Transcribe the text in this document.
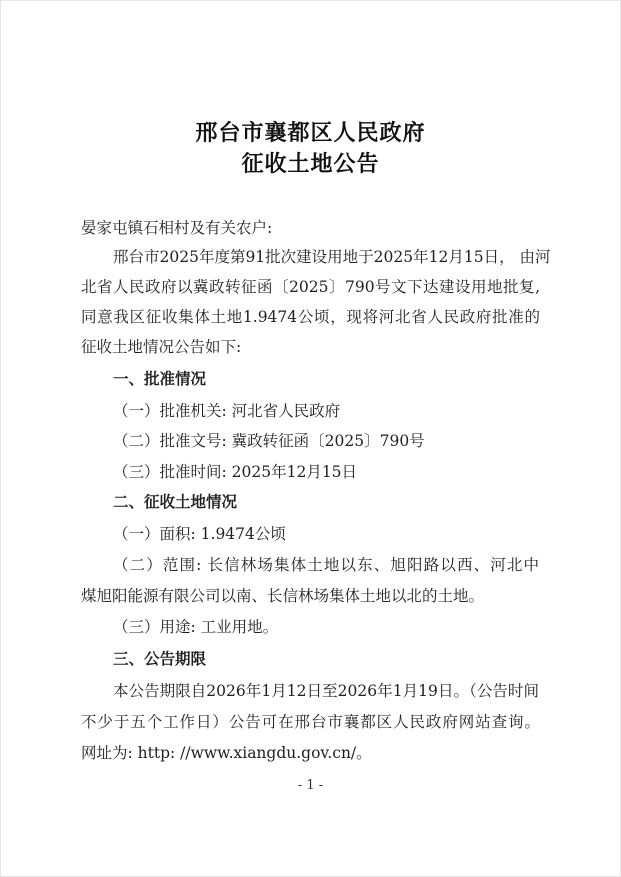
邢台市襄都区人民政府
征收土地公告
晏家屯镇石相村及有关农户:
邢台市2025年度第91批次建设用地于2025年12月15日， 由河
北省人民政府以冀政转征函〔2025〕790号文下达建设用地批复,
同意我区征收集体土地1.9474公顷，现将河北省人民政府批准的
征收土地情况公告如下:
一、批准情况
（一）批准机关: 河北省人民政府
（二）批准文号: 冀政转征函〔2025〕790号
（三）批准时间: 2025年12月15日
二、征收土地情况
（一）面积: 1.9474公顷
（二）范围: 长信林场集体土地以东、旭阳路以西、河北中
煤旭阳能源有限公司以南、长信林场集体土地以北的土地。
（三）用途: 工业用地。
三、公告期限
本公告期限自2026年1月12日至2026年1月19日。（公告时间
不少于五个工作日）公告可在邢台市襄都区人民政府网站查询。
网址为: http: //www.xiangdu.gov.cn/。
- 1 -
